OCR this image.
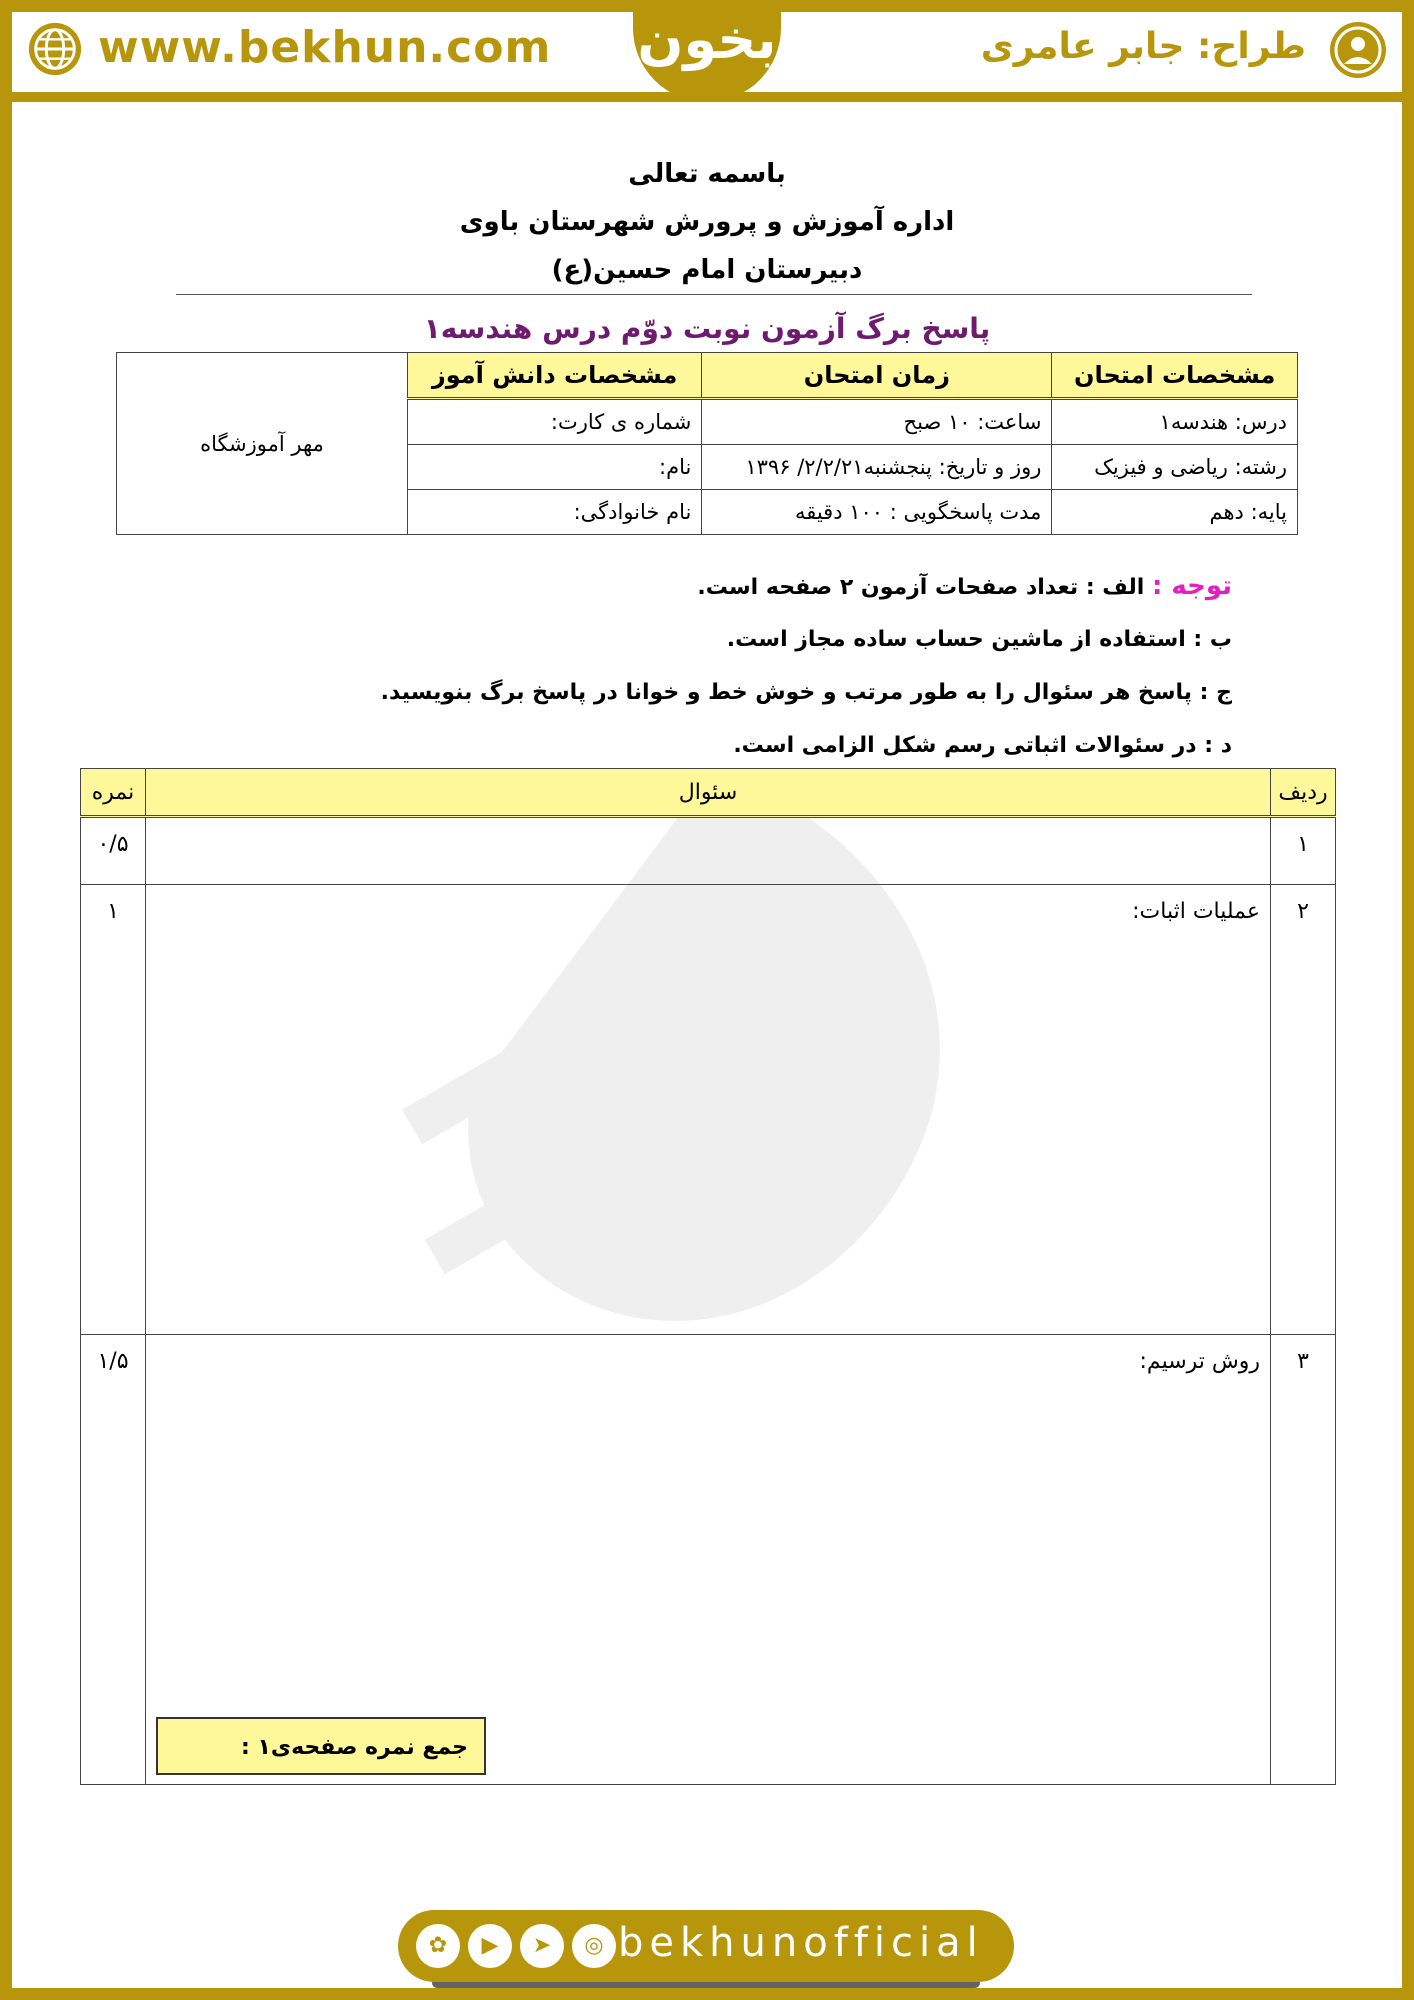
www.bekhun.com بخون	طراح: جابر عامری
باسمه تعالی
اداره آموزش و پرورش شهرستان باوی
دبیرستان امام حسین(ع)
پاسخ برگ آزمون نوبت دوّم درس هندسه۱
مشخصات امتحان	زمان امتحان	مشخصات دانش آموز	مهر آموزشگاه
درس: هندسه۱	ساعت: ۱۰ صبح	شماره ی کارت:	
رشته: ریاضی و فیزیک	روز و تاریخ: پنجشنبه۲/۲/۲۱/ ۱۳۹۶	نام:	
پایه: دهم	مدت پاسخگویی : ۱۰۰ دقیقه	نام خانوادگی:	
توجه : الف : تعداد صفحات آزمون ۲ صفحه است.
ب : استفاده از ماشین حساب ساده مجاز است.
ج : پاسخ هر سئوال را به طور مرتب و خوش خط و خوانا در پاسخ برگ بنویسید.
د : در سئوالات اثباتی رسم شکل الزامی است.
ردیف	سئوال	نمره
۱		۰/۵
۲	عملیات اثبات:	۱
۳	روش ترسیم:	۱/۵
جمع نمره صفحه‌ی۱ :
✿	▶	➤	◎ bekhunofficial
